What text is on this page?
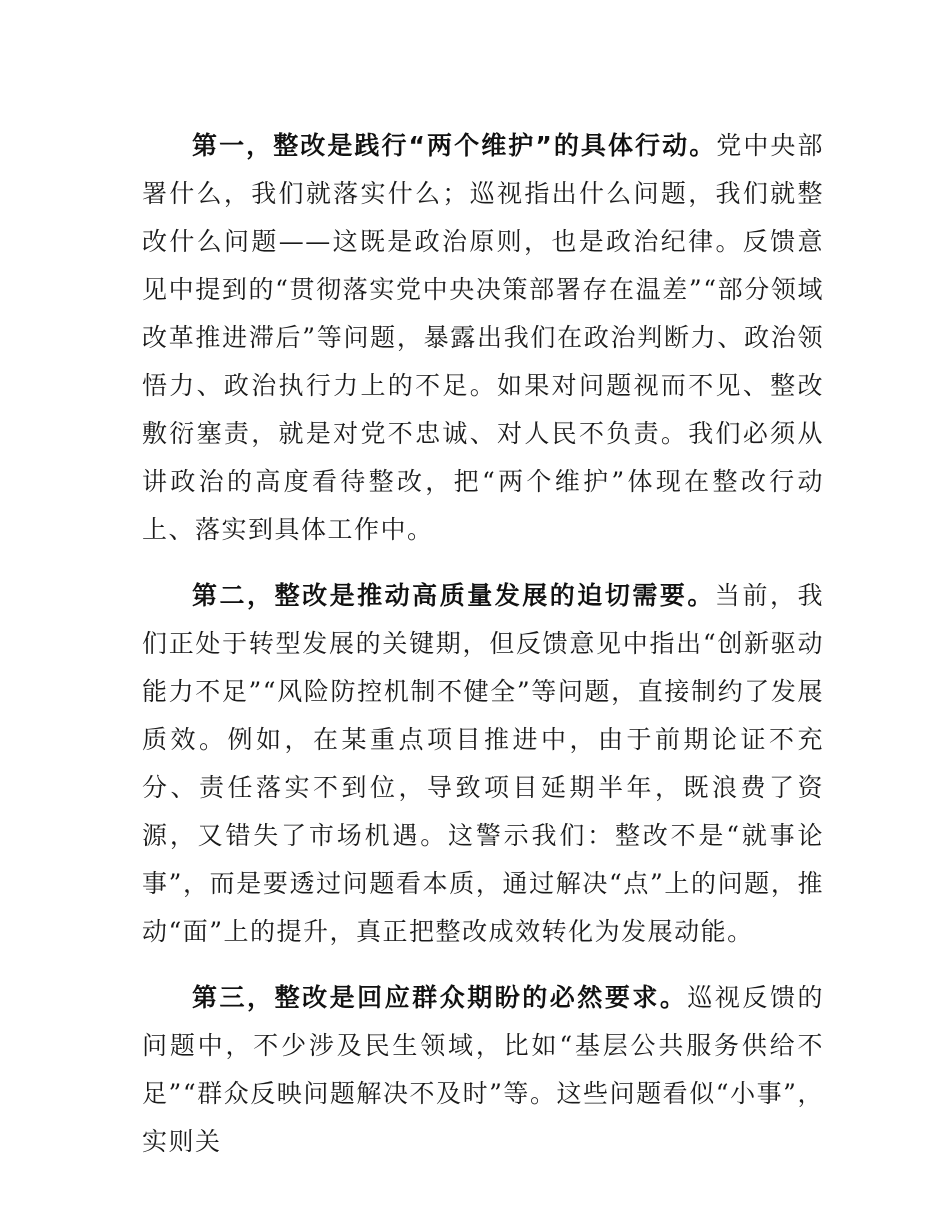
第一，整改是践行“两个维护”的具体行动。党中央部署什么，我们就落实什么；巡视指出什么问题，我们就整改什么问题——这既是政治原则，也是政治纪律。反馈意见中提到的“贯彻落实党中央决策部署存在温差”“部分领域改革推进滞后”等问题，暴露出我们在政治判断力、政治领悟力、政治执行力上的不足。如果对问题视而不见、整改敷衍塞责，就是对党不忠诚、对人民不负责。我们必须从讲政治的高度看待整改，把“两个维护”体现在整改行动上、落实到具体工作中。

第二，整改是推动高质量发展的迫切需要。当前，我们正处于转型发展的关键期，但反馈意见中指出“创新驱动能力不足”“风险防控机制不健全”等问题，直接制约了发展质效。例如，在某重点项目推进中，由于前期论证不充分、责任落实不到位，导致项目延期半年，既浪费了资源，又错失了市场机遇。这警示我们：整改不是“就事论事”，而是要透过问题看本质，通过解决“点”上的问题，推动“面”上的提升，真正把整改成效转化为发展动能。

第三，整改是回应群众期盼的必然要求。巡视反馈的问题中，不少涉及民生领域，比如“基层公共服务供给不足”“群众反映问题解决不及时”等。这些问题看似“小事”，实则关
